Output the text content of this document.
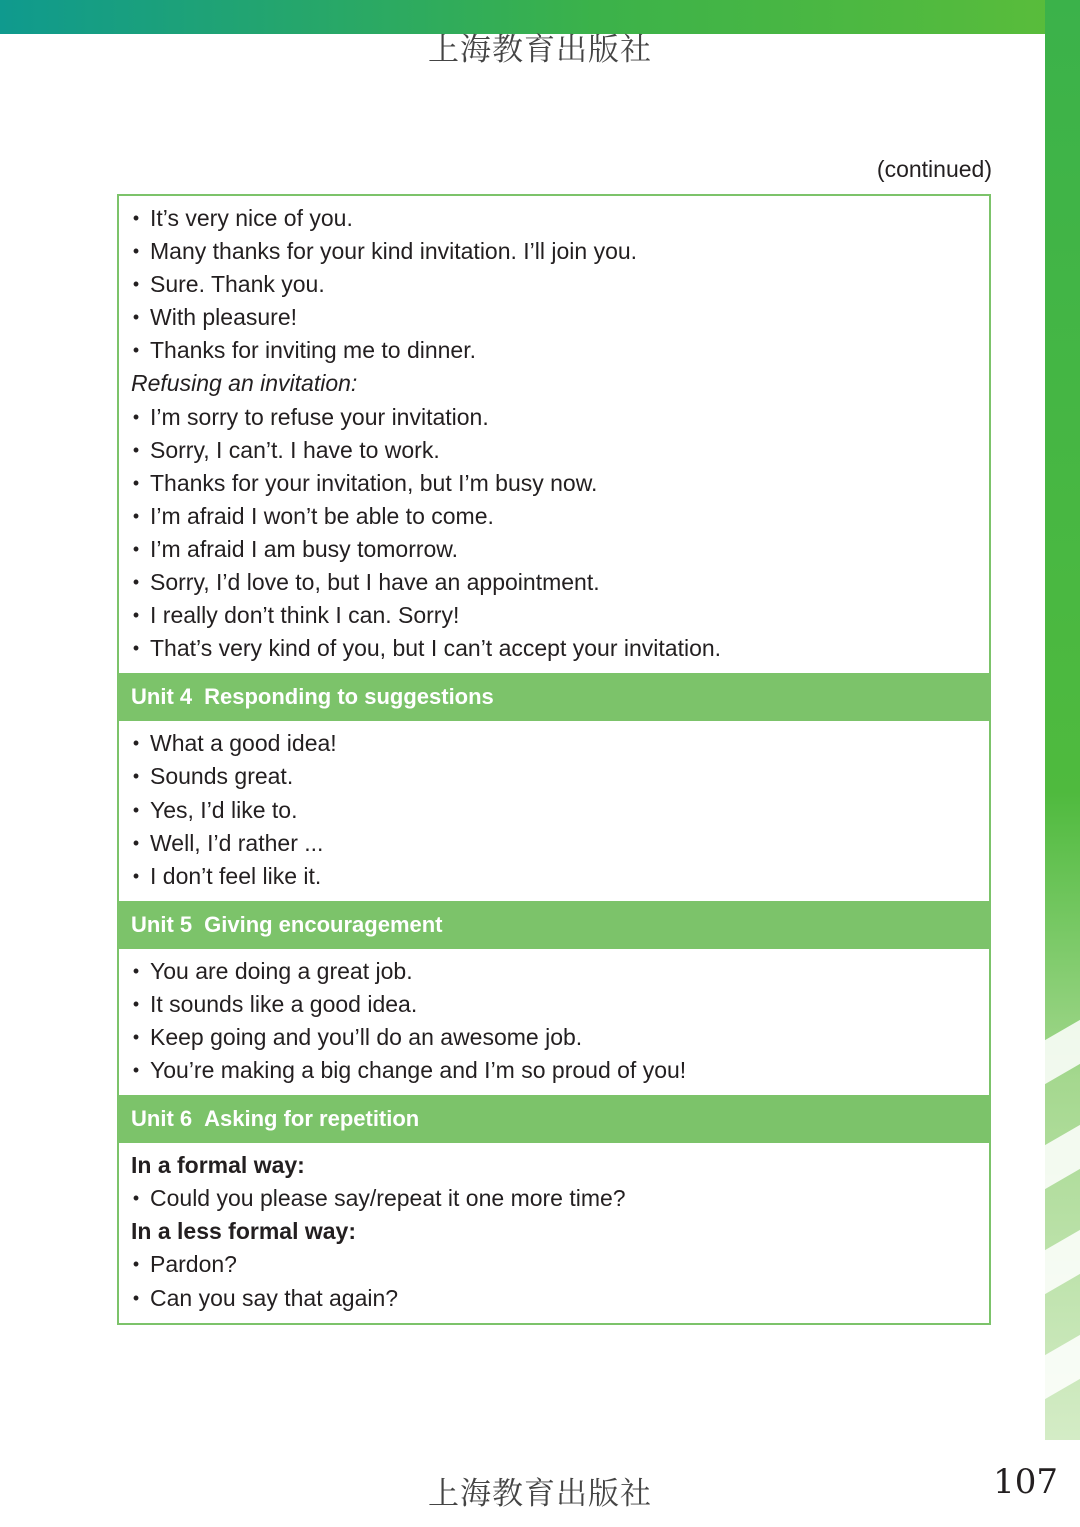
上海教育出版社
(continued)
• It’s very nice of you.
• Many thanks for your kind invitation. I’ll join you.
• Sure. Thank you.
• With pleasure!
• Thanks for inviting me to dinner.
Refusing an invitation:
• I’m sorry to refuse your invitation.
• Sorry, I can’t. I have to work.
• Thanks for your invitation, but I’m busy now.
• I’m afraid I won’t be able to come.
• I’m afraid I am busy tomorrow.
• Sorry, I’d love to, but I have an appointment.
• I really don’t think I can. Sorry!
• That’s very kind of you, but I can’t accept your invitation.
Unit 4 Responding to suggestions
• What a good idea!
• Sounds great.
• Yes, I’d like to.
• Well, I’d rather ...
• I don’t feel like it.
Unit 5 Giving encouragement
• You are doing a great job.
• It sounds like a good idea.
• Keep going and you’ll do an awesome job.
• You’re making a big change and I’m so proud of you!
Unit 6 Asking for repetition
In a formal way:
• Could you please say/repeat it one more time?
In a less formal way:
• Pardon?
• Can you say that again?
上海教育出版社	107
